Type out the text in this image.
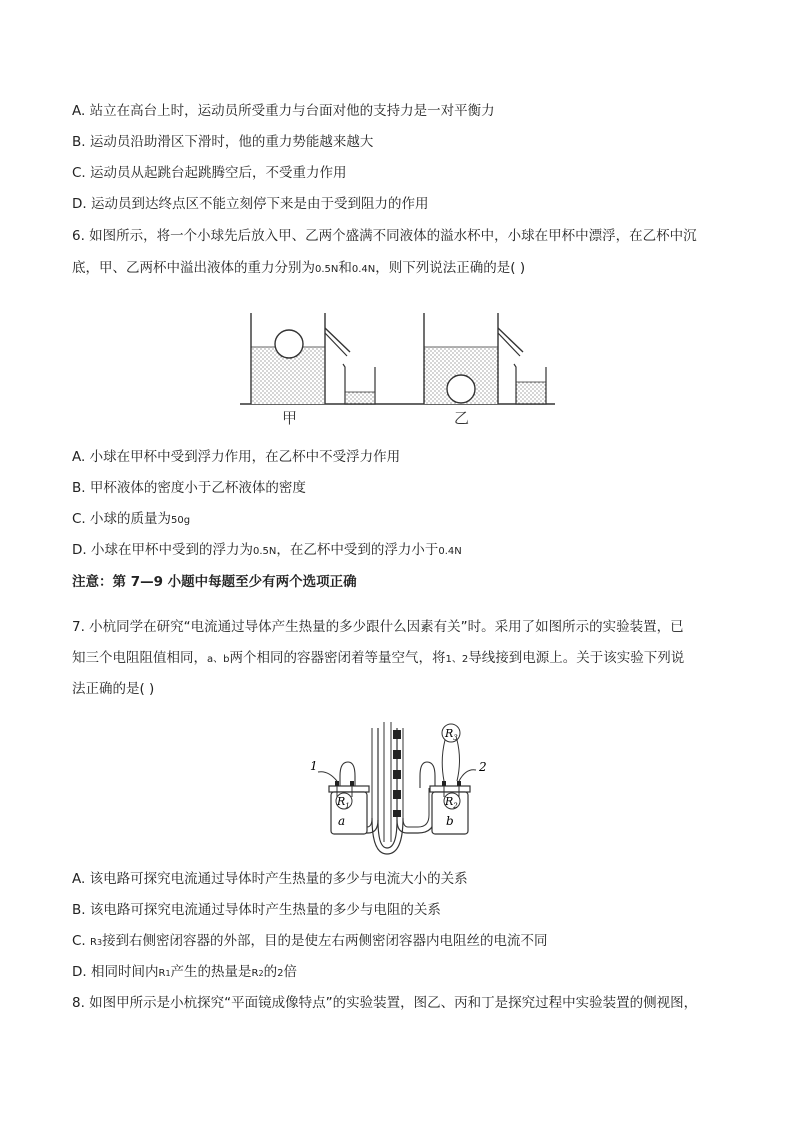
A. 站立在高台上时，运动员所受重力与台面对他的支持力是一对平衡力
B. 运动员沿助滑区下滑时，他的重力势能越来越大
C. 运动员从起跳台起跳腾空后，不受重力作用
D. 运动员到达终点区不能立刻停下来是由于受到阻力的作用
6. 如图所示，将一个小球先后放入甲、乙两个盛满不同液体的溢水杯中，小球在甲杯中漂浮，在乙杯中沉
底，甲、乙两杯中溢出液体的重力分别为0.5N和0.4N，则下列说法正确的是( )
甲	乙
A. 小球在甲杯中受到浮力作用，在乙杯中不受浮力作用
B. 甲杯液体的密度小于乙杯液体的密度
C. 小球的质量为50g
D. 小球在甲杯中受到的浮力为0.5N，在乙杯中受到的浮力小于0.4N
注意：第 7—9 小题中每题至少有两个选项正确
7. 小杭同学在研究“电流通过导体产生热量的多少跟什么因素有关”时。采用了如图所示的实验装置，已
知三个电阻阻值相同，a、b两个相同的容器密闭着等量空气，将1、2导线接到电源上。关于该实验下列说
法正确的是( )
1	2
$R_1$	$R_2$
$R_3$
a	b
A. 该电路可探究电流通过导体时产生热量的多少与电流大小的关系
B. 该电路可探究电流通过导体时产生热量的多少与电阻的关系
C. R3接到右侧密闭容器的外部，目的是使左右两侧密闭容器内电阻丝的电流不同
D. 相同时间内R1产生的热量是R2的2倍
8. 如图甲所示是小杭探究“平面镜成像特点”的实验装置，图乙、丙和丁是探究过程中实验装置的侧视图，
